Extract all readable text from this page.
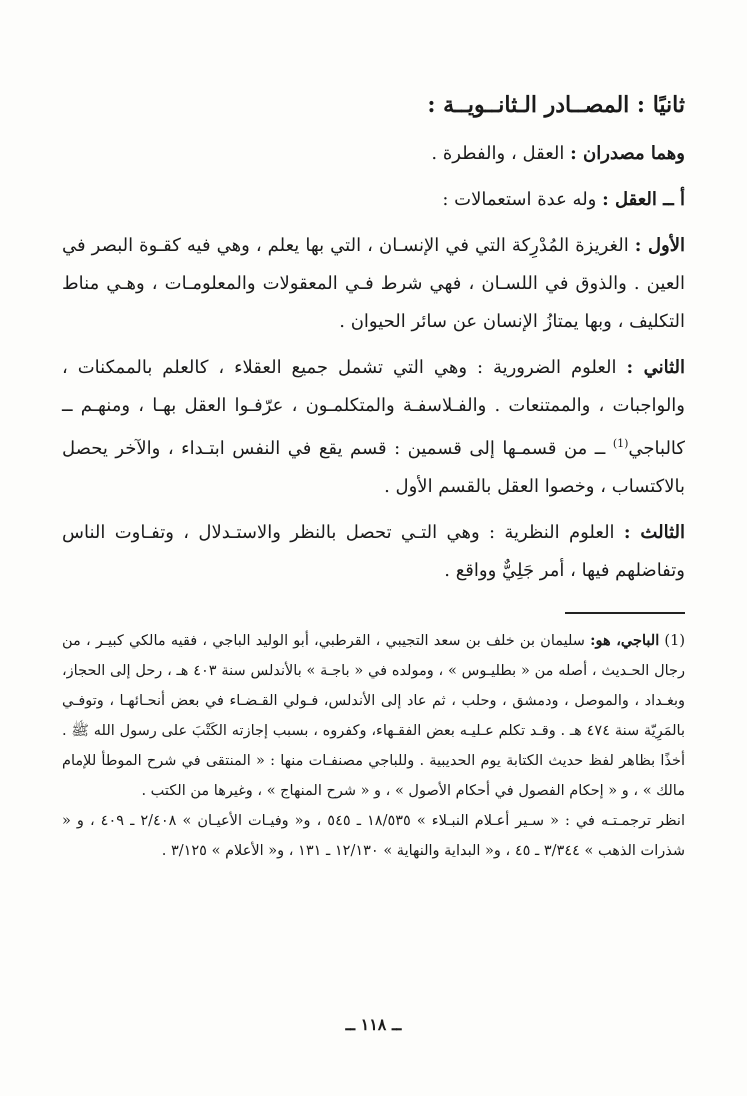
ثانيًا : المصــادر الـثانــويــة :

وهما مصدران : العقل ، والفطرة .

أ ــ العقل : وله عدة استعمالات :

الأول : الغريزة المُدْرِكة التي في الإنسـان ، التي بها يعلم ، وهي فيه كقـوة البصر في العين . والذوق في اللسـان ، فهي شرط فـي المعقولات والمعلومـات ، وهـي مناط التكليف ، وبها يمتازُ الإنسان عن سائر الحيوان .

الثاني : العلوم الضرورية : وهي التي تشمل جميع العقلاء ، كالعلم بالممكنات ، والواجبات ، والممتنعات . والفـلاسفـة والمتكلمـون ، عرّفـوا العقل بهـا ، ومنهـم ــ كالباجي$^{(1)}$ ــ من قسمـها إلى قسمين : قسم يقع في النفس ابتـداء ، والآخر يحصل بالاكتساب ، وخصوا العقل بالقسم الأول .

الثالث : العلوم النظرية : وهي التـي تحصل بالنظر والاستـدلال ، وتفـاوت الناس وتفاضلهم فيها ، أمر جَلِيٌّ وواقع .

(1) الباجي، هو: سليمان بن خلف بن سعد التجيبي ، القرطبي، أبو الوليد الباجي ، فقيه مالكي كبيـر ، من رجال الحـديث ، أصله من « بطليـوس » ، ومولده في « باجـة » بالأندلس سنة ٤٠٣ هـ ، رحل إلى الحجاز، وبغـداد ، والموصل ، ودمشق ، وحلب ، ثم عاد إلى الأندلس، فـولي القـضـاء في بعض أنحـائهـا ، وتوفـي بالمَرِيّة سنة ٤٧٤ هـ . وقـد تكلم عـليـه بعض الفقـهاء، وكفروه ، بسبب إجازته الكَتْبَ على رسول الله ﷺ . أخذًا بظاهر لفظ حديث الكتابة يوم الحديبية . وللباجي مصنفـات منها : « المنتقى في شرح الموطأ للإمام مالك » ، و « إحكام الفصول في أحكام الأصول » ، و « شرح المنهاج » ، وغيرها من الكتب .

انظر ترجمـتـه في : « سـير أعـلام النبـلاء » ١٨/٥٣٥ ـ ٥٤٥ ، و« وفيـات الأعيـان » ٢/٤٠٨ ـ ٤٠٩ ، و « شذرات الذهب » ٣/٣٤٤ ـ ٤٥ ، و« البداية والنهاية » ١٢/١٣٠ ـ ١٣١ ، و« الأعلام » ٣/١٢٥ .

ــ ١١٨ ــ
